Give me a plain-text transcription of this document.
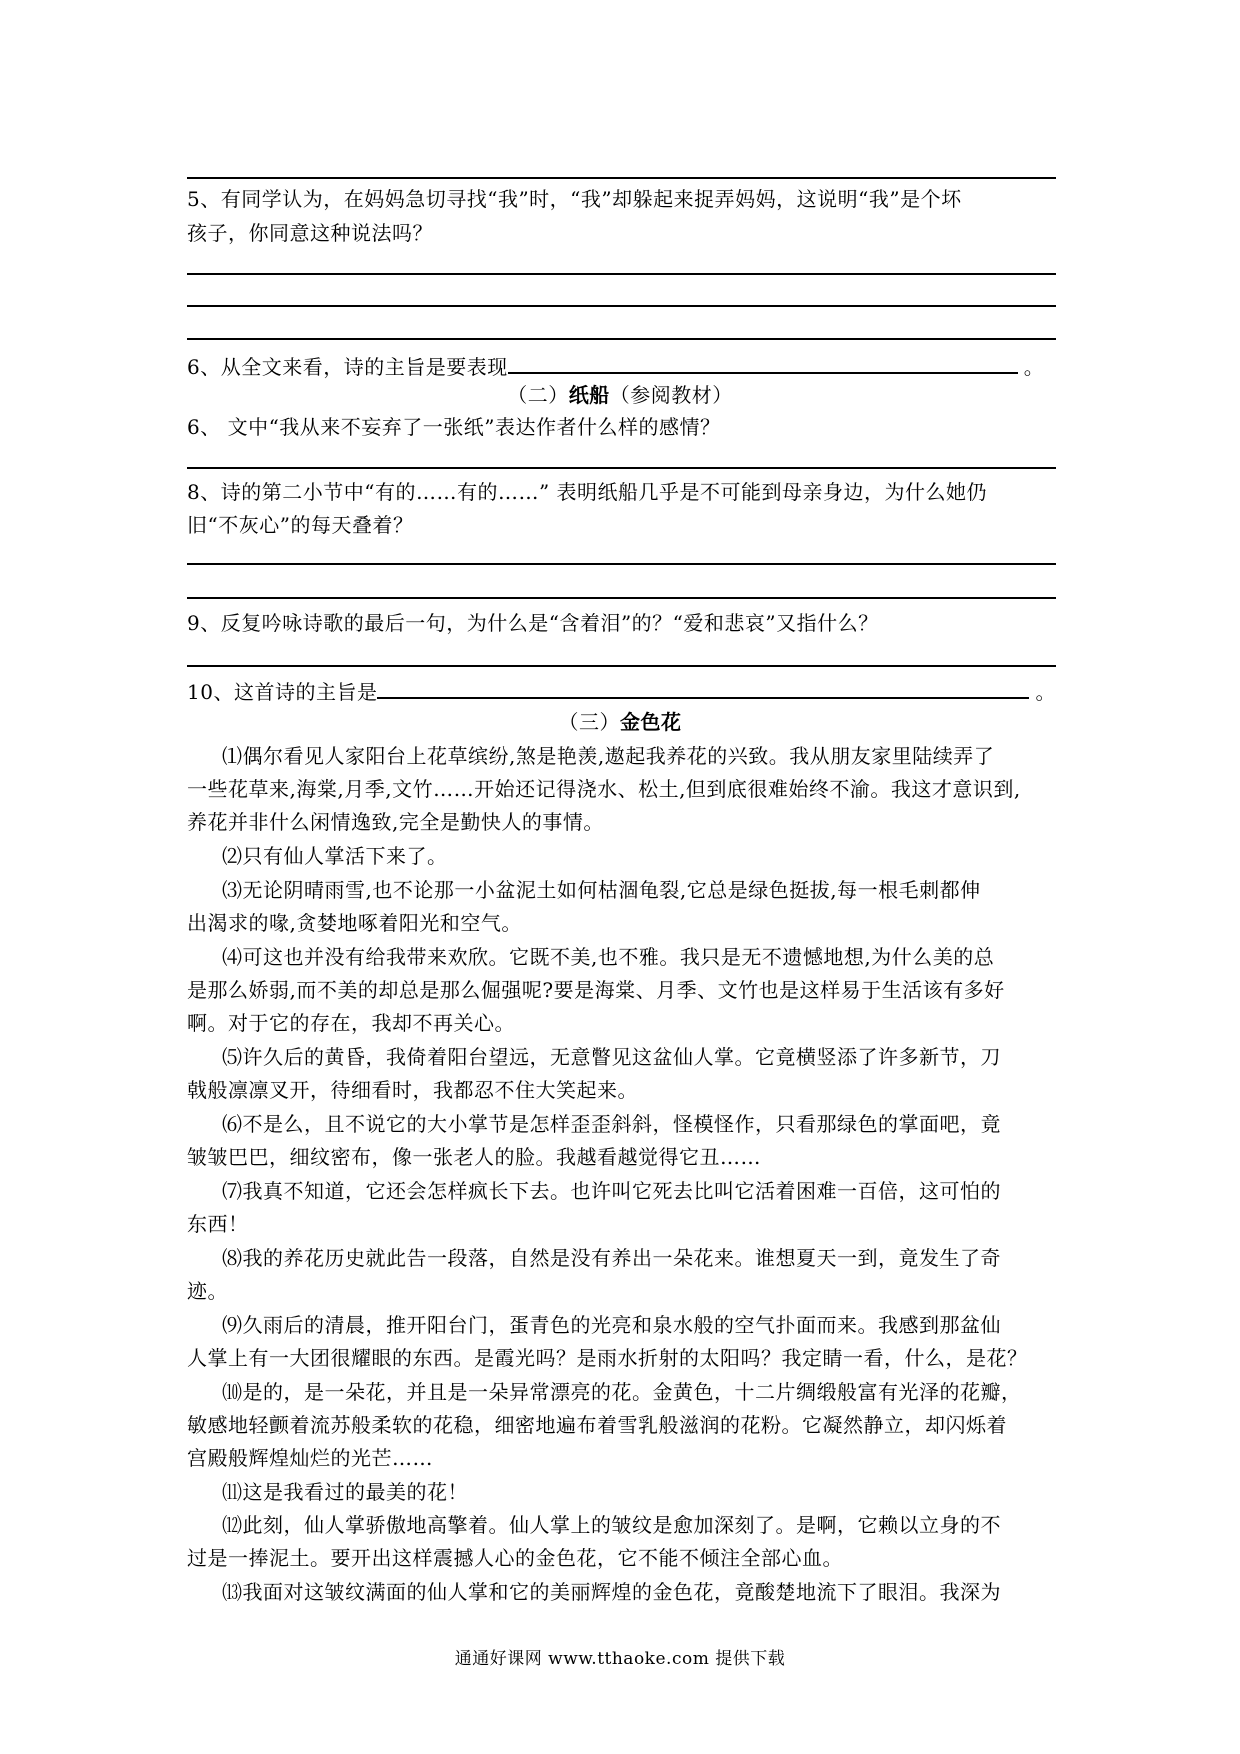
5、有同学认为，在妈妈急切寻找“我”时，“我”却躲起来捉弄妈妈，这说明“我”是个坏
孩子，你同意这种说法吗？
6、从全文来看，诗的主旨是要表现	。
（二）纸船（参阅教材）
6、 文中“我从来不妄弃了一张纸”表达作者什么样的感情？
8、诗的第二小节中“有的……有的……” 表明纸船几乎是不可能到母亲身边，为什么她仍
旧“不灰心”的每天叠着？
9、反复吟咏诗歌的最后一句，为什么是“含着泪”的？“爱和悲哀”又指什么？
10、这首诗的主旨是	。
（三）金色花
⑴偶尔看见人家阳台上花草缤纷,煞是艳羡,遨起我养花的兴致。我从朋友家里陆续弄了
一些花草来,海棠,月季,文竹……开始还记得浇水、松土,但到底很难始终不渝。我这才意识到,
养花并非什么闲情逸致,完全是勤快人的事情。
⑵只有仙人掌活下来了。
⑶无论阴晴雨雪,也不论那一小盆泥土如何枯涸龟裂,它总是绿色挺拔,每一根毛刺都伸
出渴求的喙,贪婪地啄着阳光和空气。
⑷可这也并没有给我带来欢欣。它既不美,也不雅。我只是无不遗憾地想,为什么美的总
是那么娇弱,而不美的却总是那么倔强呢?要是海棠、月季、文竹也是这样易于生活该有多好
啊。对于它的存在，我却不再关心。
⑸许久后的黄昏，我倚着阳台望远，无意瞥见这盆仙人掌。它竟横竖添了许多新节，刀
戟般凛凛叉开，待细看时，我都忍不住大笑起来。
⑹不是么，且不说它的大小掌节是怎样歪歪斜斜，怪模怪作，只看那绿色的掌面吧，竟
皱皱巴巴，细纹密布，像一张老人的脸。我越看越觉得它丑……
⑺我真不知道，它还会怎样疯长下去。也许叫它死去比叫它活着困难一百倍，这可怕的
东西！
⑻我的养花历史就此告一段落，自然是没有养出一朵花来。谁想夏天一到，竟发生了奇
迹。
⑼久雨后的清晨，推开阳台门，蛋青色的光亮和泉水般的空气扑面而来。我感到那盆仙
人掌上有一大团很耀眼的东西。是霞光吗？是雨水折射的太阳吗？我定睛一看，什么，是花？
⑽是的，是一朵花，并且是一朵异常漂亮的花。金黄色，十二片绸缎般富有光泽的花瓣，
敏感地轻颤着流苏般柔软的花稳，细密地遍布着雪乳般滋润的花粉。它凝然静立，却闪烁着
宫殿般辉煌灿烂的光芒……
⑾这是我看过的最美的花！
⑿此刻，仙人掌骄傲地高擎着。仙人掌上的皱纹是愈加深刻了。是啊，它赖以立身的不
过是一捧泥土。要开出这样震撼人心的金色花，它不能不倾注全部心血。
⒀我面对这皱纹满面的仙人掌和它的美丽辉煌的金色花，竟酸楚地流下了眼泪。我深为
通通好课网 www.tthaoke.com 提供下载
